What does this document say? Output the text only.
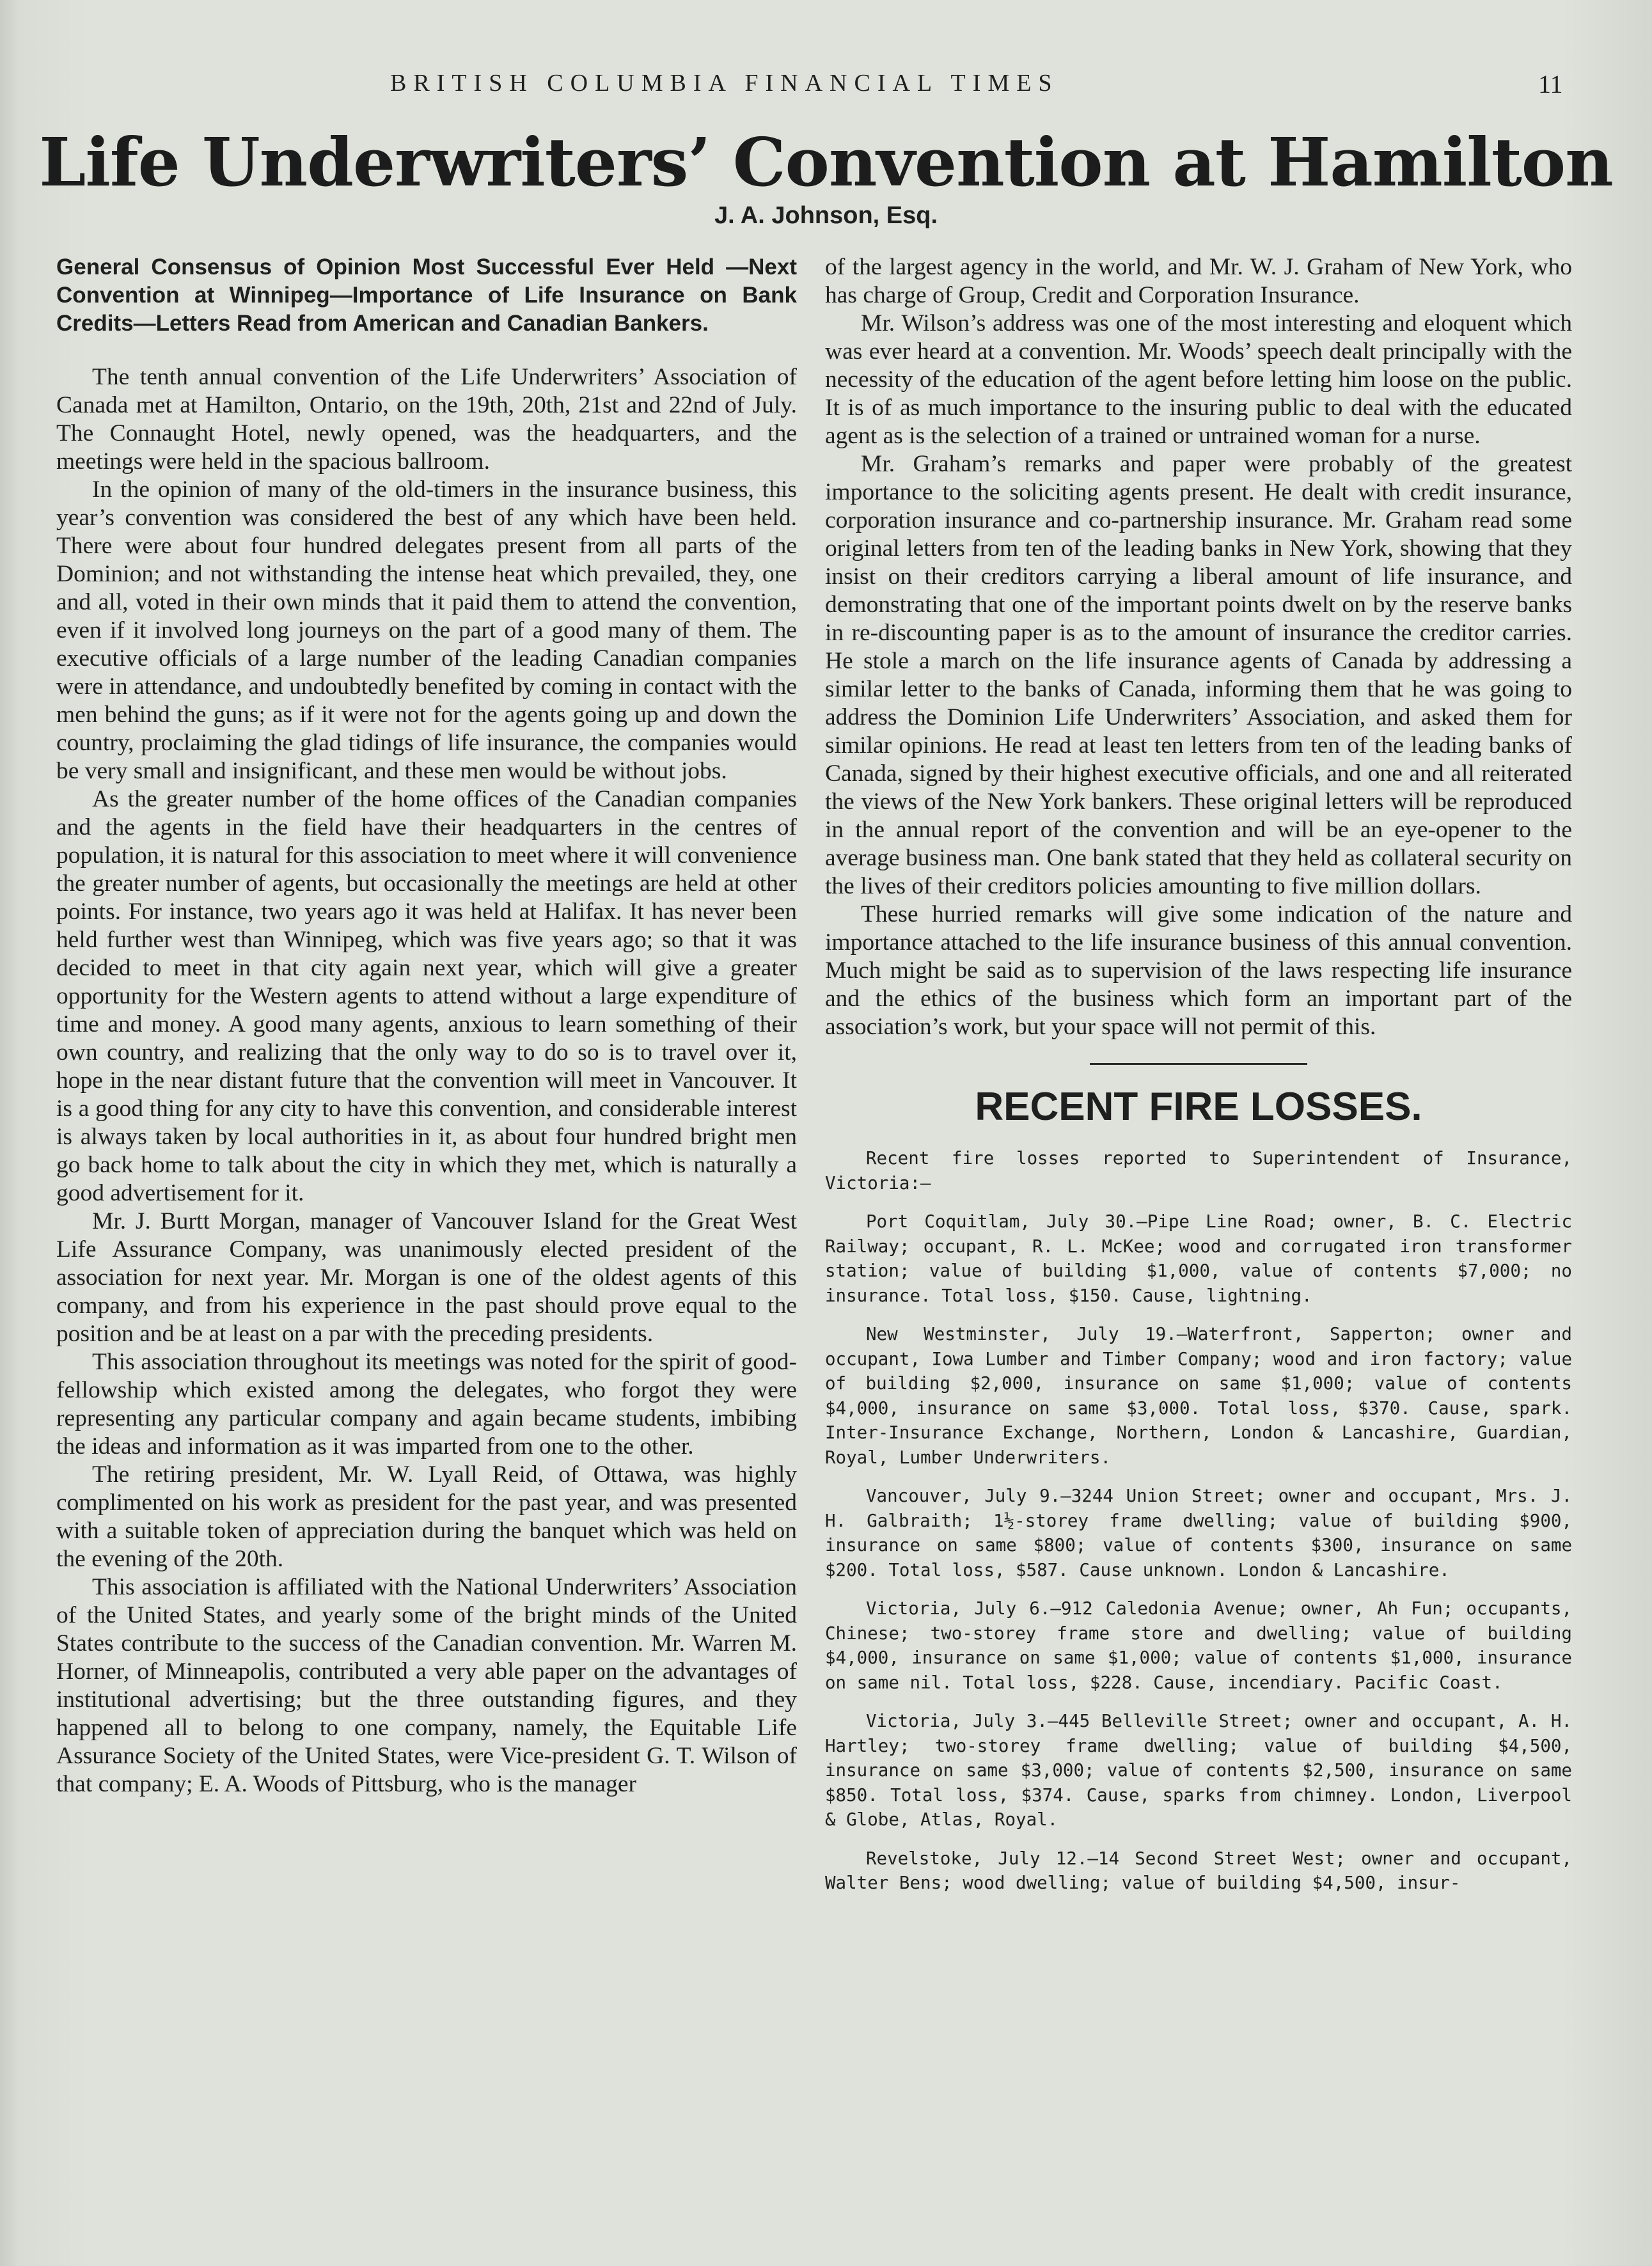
BRITISH COLUMBIA FINANCIAL TIMES	11
Life Underwriters’ Convention at Hamilton
J. A. Johnson, Esq.

General Consensus of Opinion Most Successful Ever Held —Next Convention at Winnipeg—Importance of Life Insurance on Bank Credits—Letters Read from American and Canadian Bankers.

The tenth annual convention of the Life Underwriters’ Association of Canada met at Hamilton, Ontario, on the 19th, 20th, 21st and 22nd of July. The Connaught Hotel, newly opened, was the headquarters, and the meetings were held in the spacious ballroom.

In the opinion of many of the old-timers in the insurance business, this year’s convention was considered the best of any which have been held. There were about four hundred delegates present from all parts of the Dominion; and not withstanding the intense heat which prevailed, they, one and all, voted in their own minds that it paid them to attend the convention, even if it involved long journeys on the part of a good many of them. The executive officials of a large number of the leading Canadian companies were in attendance, and undoubtedly benefited by coming in contact with the men behind the guns; as if it were not for the agents going up and down the country, proclaiming the glad tidings of life insurance, the companies would be very small and insignificant, and these men would be without jobs.

As the greater number of the home offices of the Canadian companies and the agents in the field have their headquarters in the centres of population, it is natural for this association to meet where it will convenience the greater number of agents, but occasionally the meetings are held at other points. For instance, two years ago it was held at Halifax. It has never been held further west than Winnipeg, which was five years ago; so that it was decided to meet in that city again next year, which will give a greater opportunity for the Western agents to attend without a large expenditure of time and money. A good many agents, anxious to learn something of their own country, and realizing that the only way to do so is to travel over it, hope in the near distant future that the convention will meet in Vancouver. It is a good thing for any city to have this convention, and considerable interest is always taken by local authorities in it, as about four hundred bright men go back home to talk about the city in which they met, which is naturally a good advertisement for it.

Mr. J. Burtt Morgan, manager of Vancouver Island for the Great West Life Assurance Company, was unanimously elected president of the association for next year. Mr. Morgan is one of the oldest agents of this company, and from his experience in the past should prove equal to the position and be at least on a par with the preceding presidents.

This association throughout its meetings was noted for the spirit of good-fellowship which existed among the delegates, who forgot they were representing any particular company and again became students, imbibing the ideas and information as it was imparted from one to the other.

The retiring president, Mr. W. Lyall Reid, of Ottawa, was highly complimented on his work as president for the past year, and was presented with a suitable token of appreciation during the banquet which was held on the evening of the 20th.

This association is affiliated with the National Underwriters’ Association of the United States, and yearly some of the bright minds of the United States contribute to the success of the Canadian convention. Mr. Warren M. Horner, of Minneapolis, contributed a very able paper on the advantages of institutional advertising; but the three outstanding figures, and they happened all to belong to one company, namely, the Equitable Life Assurance Society of the United States, were Vice-president G. T. Wilson of that company; E. A. Woods of Pittsburg, who is the manager

of the largest agency in the world, and Mr. W. J. Graham of New York, who has charge of Group, Credit and Corporation Insurance.

Mr. Wilson’s address was one of the most interesting and eloquent which was ever heard at a convention. Mr. Woods’ speech dealt principally with the necessity of the education of the agent before letting him loose on the public. It is of as much importance to the insuring public to deal with the educated agent as is the selection of a trained or untrained woman for a nurse.

Mr. Graham’s remarks and paper were probably of the greatest importance to the soliciting agents present. He dealt with credit insurance, corporation insurance and co-partnership insurance. Mr. Graham read some original letters from ten of the leading banks in New York, showing that they insist on their creditors carrying a liberal amount of life insurance, and demonstrating that one of the important points dwelt on by the reserve banks in re-discounting paper is as to the amount of insurance the creditor carries. He stole a march on the life insurance agents of Canada by addressing a similar letter to the banks of Canada, informing them that he was going to address the Dominion Life Underwriters’ Association, and asked them for similar opinions. He read at least ten letters from ten of the leading banks of Canada, signed by their highest executive officials, and one and all reiterated the views of the New York bankers. These original letters will be reproduced in the annual report of the convention and will be an eye-opener to the average business man. One bank stated that they held as collateral security on the lives of their creditors policies amounting to five million dollars.

These hurried remarks will give some indication of the nature and importance attached to the life insurance business of this annual convention. Much might be said as to supervision of the laws respecting life insurance and the ethics of the business which form an important part of the association’s work, but your space will not permit of this.

RECENT FIRE LOSSES.

Recent fire losses reported to Superintendent of Insurance, Victoria:—

Port Coquitlam, July 30.—Pipe Line Road; owner, B. C. Electric Railway; occupant, R. L. McKee; wood and corrugated iron transformer station; value of building $1,000, value of contents $7,000; no insurance. Total loss, $150. Cause, lightning.

New Westminster, July 19.—Waterfront, Sapperton; owner and occupant, Iowa Lumber and Timber Company; wood and iron factory; value of building $2,000, insurance on same $1,000; value of contents $4,000, insurance on same $3,000. Total loss, $370. Cause, spark. Inter-Insurance Exchange, Northern, London & Lancashire, Guardian, Royal, Lumber Underwriters.

Vancouver, July 9.—3244 Union Street; owner and occupant, Mrs. J. H. Galbraith; 1½-storey frame dwelling; value of building $900, insurance on same $800; value of contents $300, insurance on same $200. Total loss, $587. Cause unknown. London & Lancashire.

Victoria, July 6.—912 Caledonia Avenue; owner, Ah Fun; occupants, Chinese; two-storey frame store and dwelling; value of building $4,000, insurance on same $1,000; value of contents $1,000, insurance on same nil. Total loss, $228. Cause, incendiary. Pacific Coast.

Victoria, July 3.—445 Belleville Street; owner and occupant, A. H. Hartley; two-storey frame dwelling; value of building $4,500, insurance on same $3,000; value of contents $2,500, insurance on same $850. Total loss, $374. Cause, sparks from chimney. London, Liverpool & Globe, Atlas, Royal.

Revelstoke, July 12.—14 Second Street West; owner and occupant, Walter Bens; wood dwelling; value of building $4,500, insur-
